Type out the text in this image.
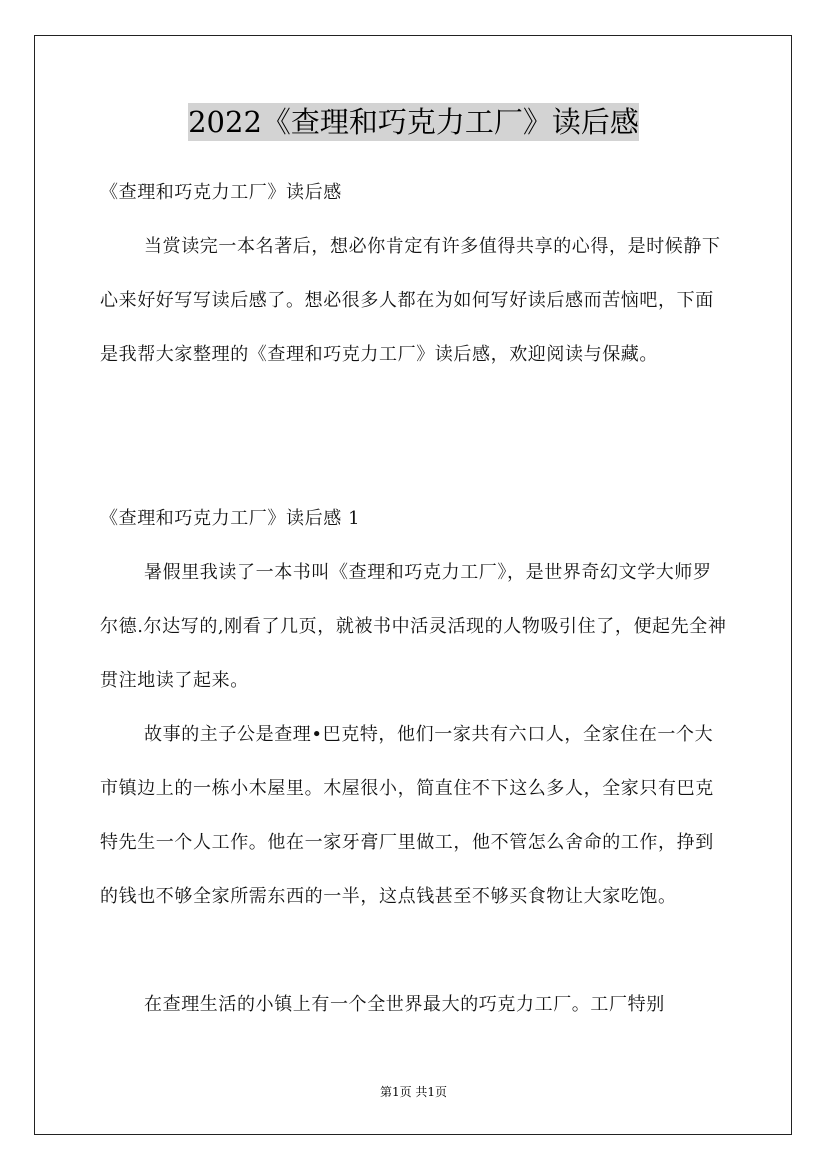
2022《查理和巧克力工厂》读后感
《查理和巧克力工厂》读后感
当赏读完一本名著后，想必你肯定有许多值得共享的心得，是时候静下心来好好写写读后感了。想必很多人都在为如何写好读后感而苦恼吧，下面是我帮大家整理的《查理和巧克力工厂》读后感，欢迎阅读与保藏。
《查理和巧克力工厂》读后感 1
暑假里我读了一本书叫《查理和巧克力工厂》，是世界奇幻文学大师罗尔德.尔达写的,刚看了几页，就被书中活灵活现的人物吸引住了，便起先全神贯注地读了起来。
故事的主子公是查理•巴克特，他们一家共有六口人，全家住在一个大市镇边上的一栋小木屋里。木屋很小，简直住不下这么多人，全家只有巴克特先生一个人工作。他在一家牙膏厂里做工，他不管怎么舍命的工作，挣到的钱也不够全家所需东西的一半，这点钱甚至不够买食物让大家吃饱。
在查理生活的小镇上有一个全世界最大的巧克力工厂。工厂特别
第1页 共1页
